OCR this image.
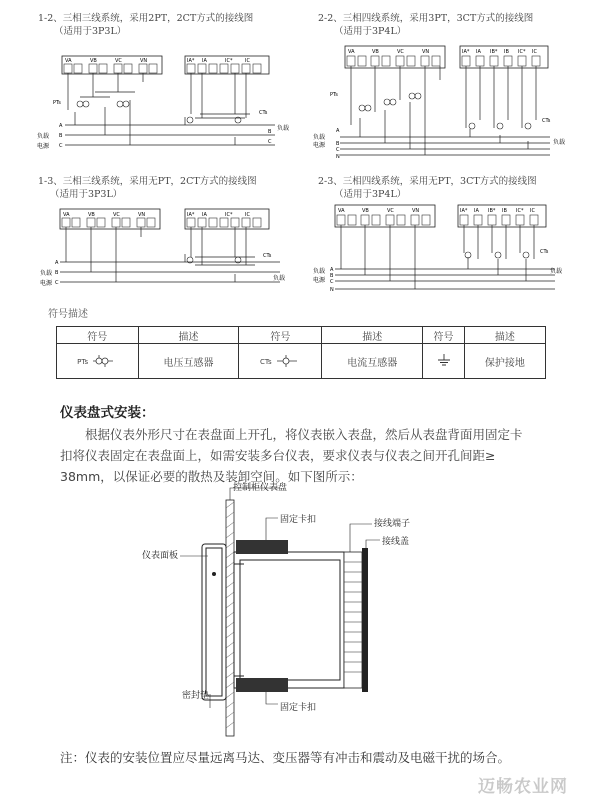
1-2、三相三线系统，采用2PT，2CT方式的接线图
（适用于3P3L）
2-2、三相四线系统，采用3PT，3CT方式的接线图
（适用于3P4L）
1-3、三相三线系统，采用无PT，2CT方式的接线图
（适用于3P3L）
2-3、三相四线系统，采用无PT，3CT方式的接线图
（适用于3P4L）
VA	VB	VC	VN	IA* IA	IC*	IC
PTs
CTs
负载
负载
电源
A
B
C
B
C
VA	VB	VC	VN	IA* IA IB* IB IC* IC
PTs
CTs
负载
负载
电源
A
B
C
N
VA	VB	VC	VN	IA* IA	IC*	IC
CTs
负载
负载
电源
A
B
C
VA	VB	VC	VN	IA* IA IB* IB IC* IC
CTs
负载
负载
电源
A
B
C
N
符号描述
符号	描述	符号	描述	符号	描述
PTs	电压互感器	CTs	电流互感器		保护接地
仪表盘式安装：
根据仪表外形尺寸在表盘面上开孔，将仪表嵌入表盘，然后从表盘背面用固定卡
扣将仪表固定在表盘面上，如需安装多台仪表，要求仪表与仪表之间开孔间距≥
38mm，以保证必要的散热及装卸空间。如下图所示：
控制柜仪表盘
固定卡扣	接线端子
接线盖
仪表面板
密封垫
固定卡扣
注：仪表的安装位置应尽量远离马达、变压器等有冲击和震动及电磁干扰的场合。
迈畅农业网
